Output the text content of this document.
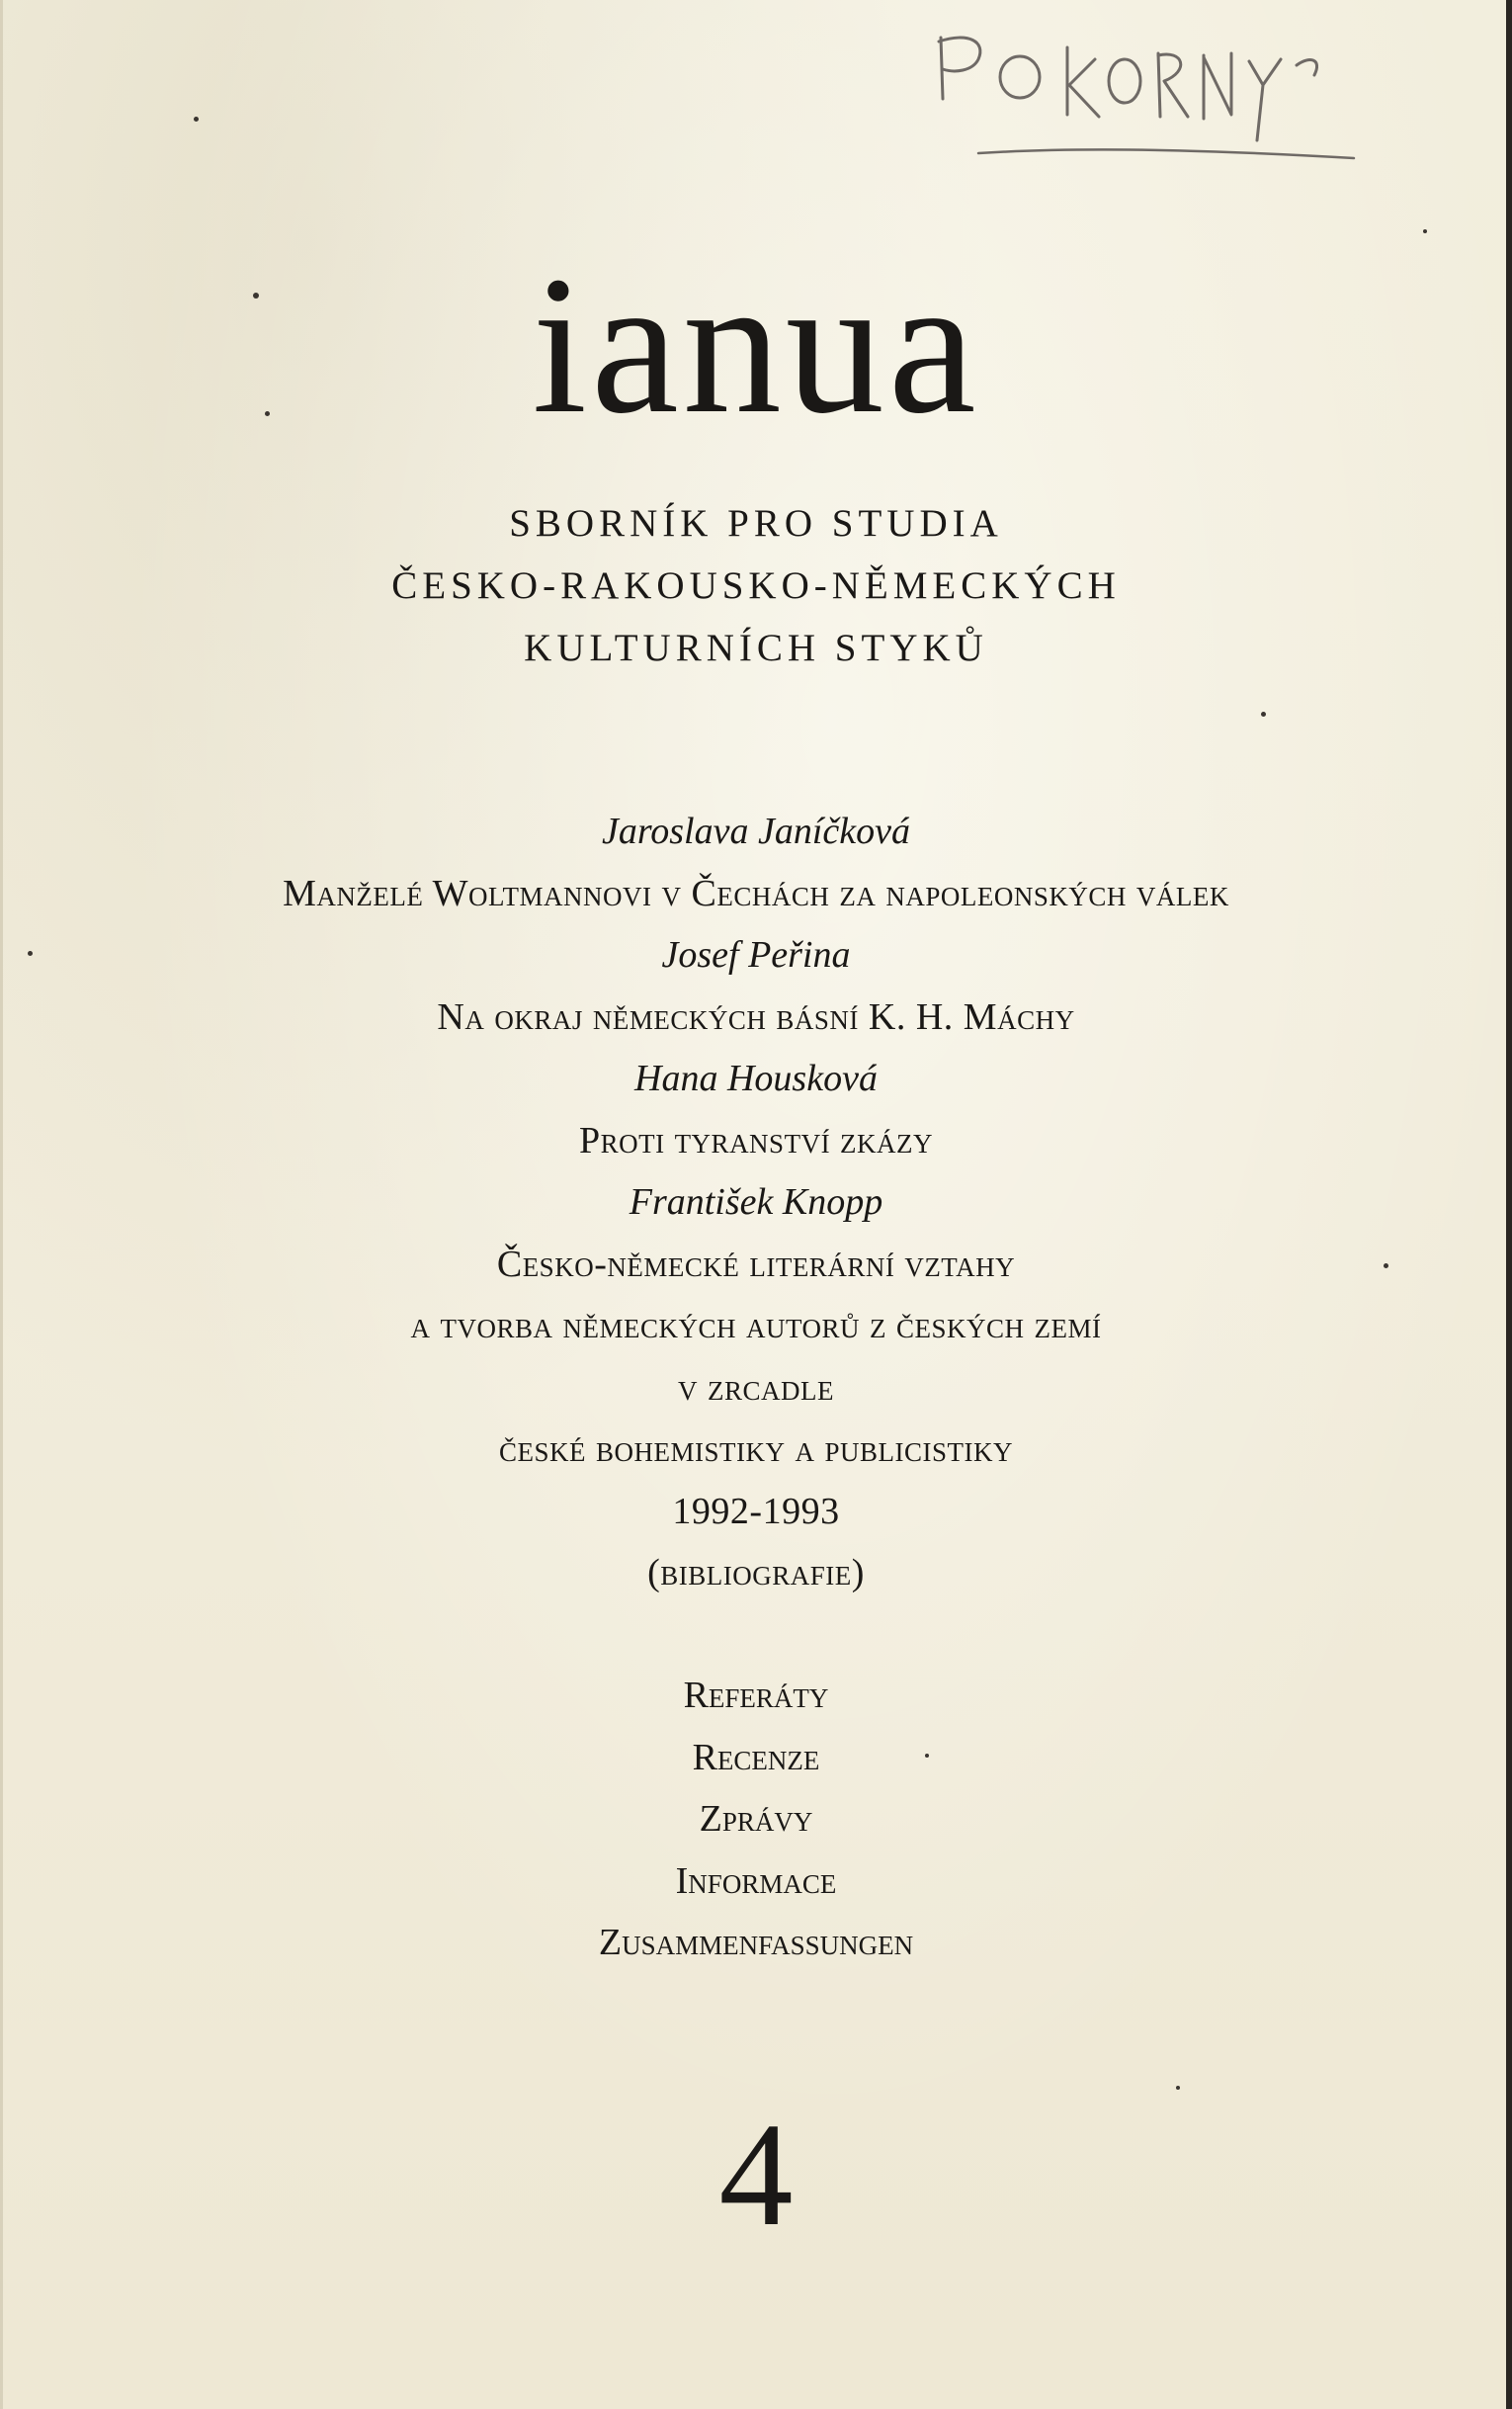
ianua
SBORNÍK PRO STUDIA
ČESKO-RAKOUSKO-NĚMECKÝCH
KULTURNÍCH STYKŮ
Jaroslava Janíčková
Manželé Woltmannovi v Čechách za napoleonských válek
Josef Peřina
Na okraj německých básní K. H. Máchy
Hana Housková
Proti tyranství zkázy
František Knopp
Česko-německé literární vztahy
a tvorba německých autorů z českých zemí
v zrcadle
české bohemistiky a publicistiky
1992-1993
(bibliografie)
Referáty
Recenze
Zprávy
Informace
Zusammenfassungen
4
